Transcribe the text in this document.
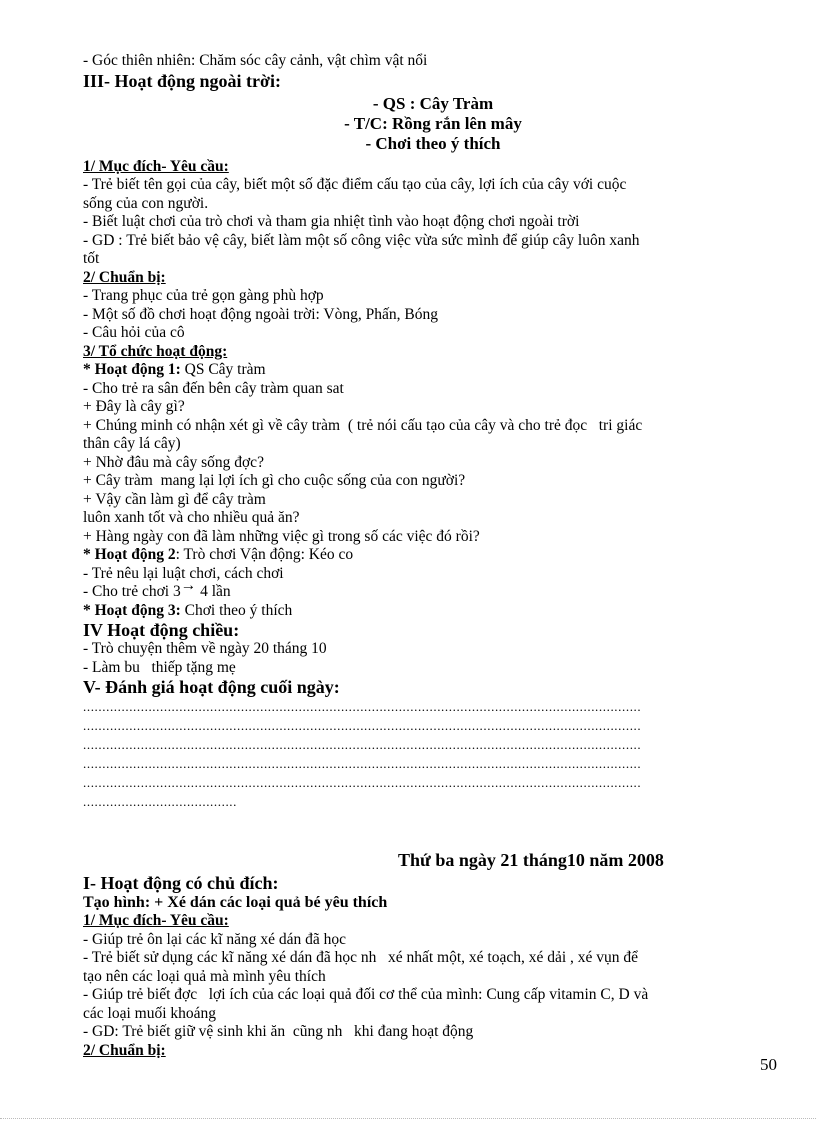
- Góc thiên nhiên: Chăm sóc cây cảnh, vật chìm vật nổi
III- Hoạt động ngoài trời:
- QS : Cây Tràm
- T/C: Rồng rắn lên mây
- Chơi theo ý thích
1/ Mục đích- Yêu cầu:
- Trẻ biết tên gọi của cây, biết một số đặc điểm cấu tạo của cây, lợi ích của cây với cuộc
sống của con người.
- Biết luật chơi của trò chơi và tham gia nhiệt tình vào hoạt động chơi ngoài trời
- GD : Trẻ biết bảo vệ cây, biết làm một số công việc vừa sức mình để giúp cây luôn xanh
tốt
2/ Chuẩn bị:
- Trang phục của trẻ gọn gàng phù hợp
- Một số đồ chơi hoạt động ngoài trời: Vòng, Phấn, Bóng
- Câu hỏi của cô
3/ Tổ chức hoạt động:
* Hoạt động 1: QS Cây tràm
- Cho trẻ ra sân đến bên cây tràm quan sat
+ Đây là cây gì?
+ Chúng minh có nhận xét gì về cây tràm  ( trẻ nói cấu tạo của cây và cho trẻ đọc   tri giác
thân cây lá cây)
+ Nhờ đâu mà cây sống đợc?
+ Cây tràm  mang lại lợi ích gì cho cuộc sống của con người?
+ Vậy cần làm gì để cây tràm
luôn xanh tốt và cho nhiều quả ăn?
+ Hàng ngày con đã làm những việc gì trong số các việc đó rồi?
* Hoạt động 2: Trò chơi Vận động: Kéo co
- Trẻ nêu lại luật chơi, cách chơi
- Cho trẻ chơi 3→ 4 lần
* Hoạt động 3: Chơi theo ý thích
IV Hoạt động chiều:
- Trò chuyện thêm về ngày 20 tháng 10
- Làm bu   thiếp tặng mẹ
V- Đánh giá hoạt động cuối ngày:
.................................................................................................................................................
.................................................................................................................................................
.................................................................................................................................................
.................................................................................................................................................
.................................................................................................................................................
........................................
Thứ ba ngày 21 tháng10 năm 2008
I- Hoạt động có chủ đích:
Tạo hình: + Xé dán các loại quả bé yêu thích
1/ Mục đích- Yêu cầu:
- Giúp trẻ ôn lại các kĩ năng xé dán đã học
- Trẻ biết sử dụng các kĩ năng xé dán đã học nh   xé nhất một, xé toạch, xé dải , xé vụn để
tạo nên các loại quả mà mình yêu thích
- Giúp trẻ biết đợc   lợi ích của các loại quả đối cơ thể của mình: Cung cấp vitamin C, D và
các loại muối khoáng
- GD: Trẻ biết giữ vệ sinh khi ăn  cũng nh   khi đang hoạt động
2/ Chuẩn bị:
50
